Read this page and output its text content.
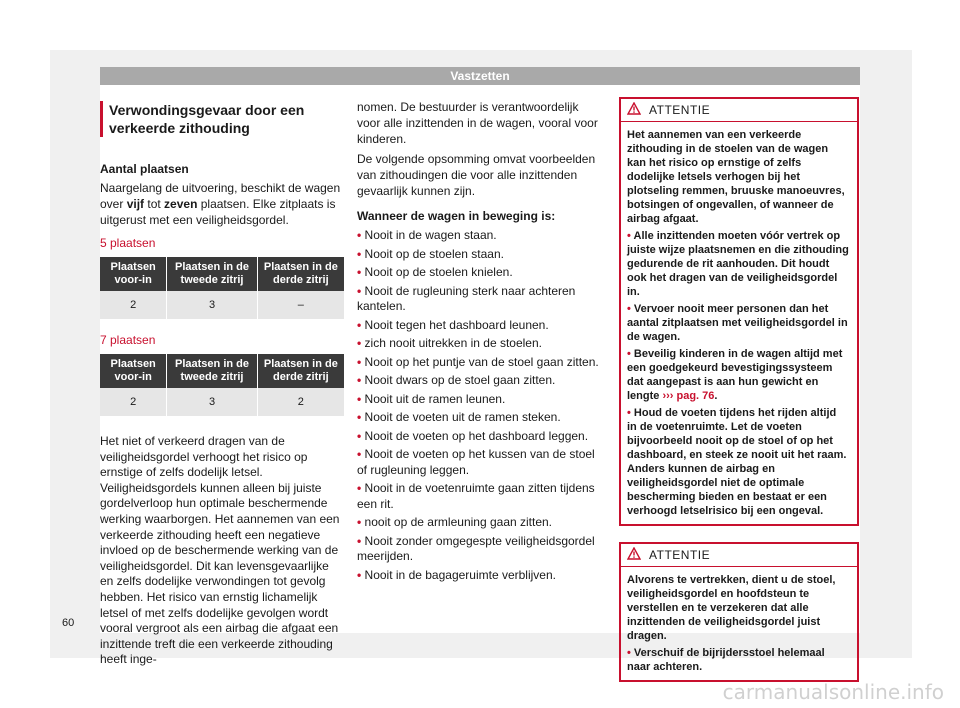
Vastzetten
Verwondingsgevaar door een verkeerde zithouding

Aantal plaatsen

Naargelang de uitvoering, beschikt de wagen over vijf tot zeven plaatsen. Elke zitplaats is uitgerust met een veiligheidsgordel.

5 plaatsen
Plaatsen voor-in	Plaatsen in de tweede zitrij	Plaatsen in de derde zitrij
2	3	–
7 plaatsen
Plaatsen voor-in	Plaatsen in de tweede zitrij	Plaatsen in de derde zitrij
2	3	2

Het niet of verkeerd dragen van de veiligheidsgordel verhoogt het risico op ernstige of zelfs dodelijk letsel. Veiligheidsgordels kunnen alleen bij juiste gordelverloop hun optimale beschermende werking waarborgen. Het aannemen van een verkeerde zithouding heeft een negatieve invloed op de beschermende werking van de veiligheidsgordel. Dit kan levensgevaarlijke en zelfs dodelijke verwondingen tot gevolg hebben. Het risico van ernstig lichamelijk letsel of met zelfs dodelijke gevolgen wordt vooral vergroot als een airbag die afgaat een inzittende treft die een verkeerde zithouding heeft inge-

nomen. De bestuurder is verantwoordelijk voor alle inzittenden in de wagen, vooral voor kinderen.

De volgende opsomming omvat voorbeelden van zithoudingen die voor alle inzittenden gevaarlijk kunnen zijn.

Wanneer de wagen in beweging is:

• Nooit in de wagen staan.
• Nooit op de stoelen staan.
• Nooit op de stoelen knielen.
• Nooit de rugleuning sterk naar achteren kantelen.
• Nooit tegen het dashboard leunen.
• zich nooit uitrekken in de stoelen.
• Nooit op het puntje van de stoel gaan zitten.
• Nooit dwars op de stoel gaan zitten.
• Nooit uit de ramen leunen.
• Nooit de voeten uit de ramen steken.
• Nooit de voeten op het dashboard leggen.
• Nooit de voeten op het kussen van de stoel of rugleuning leggen.
• Nooit in de voetenruimte gaan zitten tijdens een rit.
• nooit op de armleuning gaan zitten.
• Nooit zonder omgegespte veiligheidsgordel meerijden.
• Nooit in de bagageruimte verblijven.
ATTENTIE

Het aannemen van een verkeerde zithouding in de stoelen van de wagen kan het risico op ernstige of zelfs dodelijke letsels verhogen bij het plotseling remmen, bruuske manoeuvres, botsingen of ongevallen, of wanneer de airbag afgaat.

• Alle inzittenden moeten vóór vertrek op juiste wijze plaatsnemen en die zithouding gedurende de rit aanhouden. Dit houdt ook het dragen van de veiligheidsgordel in.
• Vervoer nooit meer personen dan het aantal zitplaatsen met veiligheidsgordel in de wagen.
• Beveilig kinderen in de wagen altijd met een goedgekeurd bevestigingssysteem dat aangepast is aan hun gewicht en lengte ››› pag. 76.
• Houd de voeten tijdens het rijden altijd in de voetenruimte. Let de voeten bijvoorbeeld nooit op de stoel of op het dashboard, en steek ze nooit uit het raam. Anders kunnen de airbag en veiligheidsgordel niet de optimale bescherming bieden en bestaat er een verhoogd letselrisico bij een ongeval.
ATTENTIE

Alvorens te vertrekken, dient u de stoel, veiligheidsgordel en hoofdsteun te verstellen en te verzekeren dat alle inzittenden de veiligheidsgordel juist dragen.

• Verschuif de bijrijdersstoel helemaal naar achteren.
60
carmanualsonline.info
